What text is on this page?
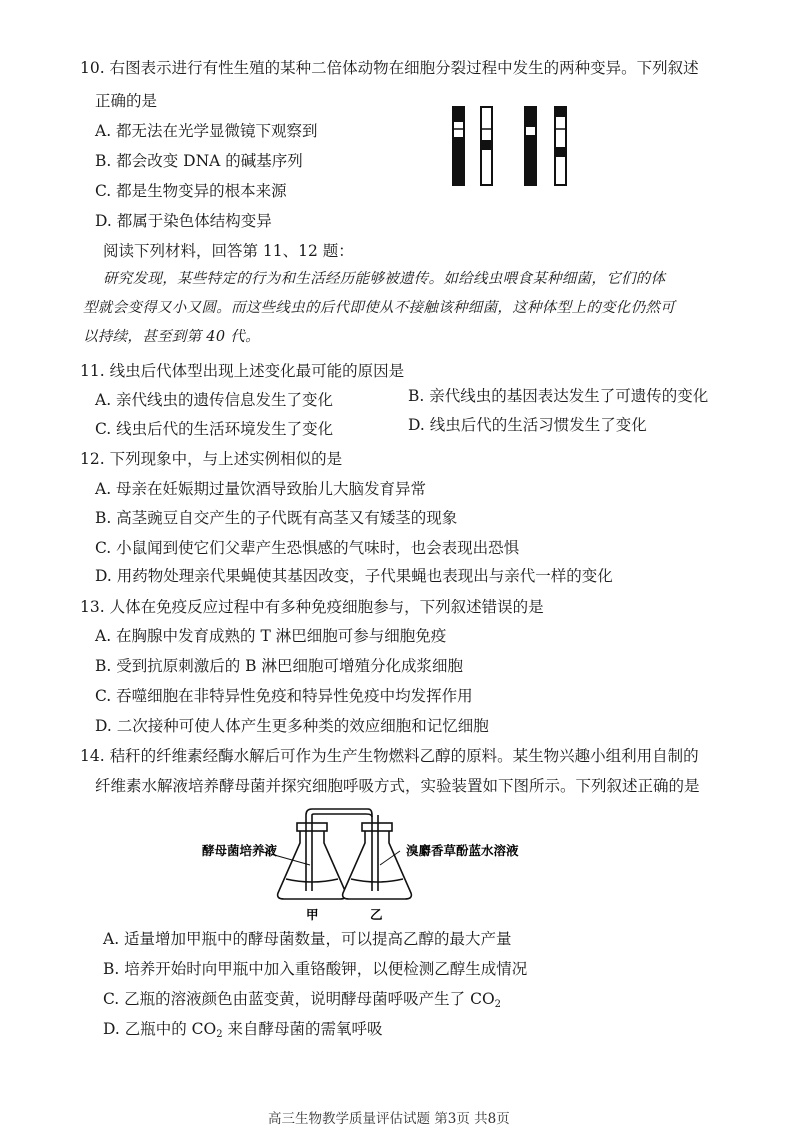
10. 右图表示进行有性生殖的某种二倍体动物在细胞分裂过程中发生的两种变异。下列叙述
正确的是
A. 都无法在光学显微镜下观察到
B. 都会改变 DNA 的碱基序列
C. 都是生物变异的根本来源
D. 都属于染色体结构变异
阅读下列材料，回答第 11、12 题：
研究发现，某些特定的行为和生活经历能够被遗传。如给线虫喂食某种细菌，它们的体
型就会变得又小又圆。而这些线虫的后代即使从不接触该种细菌，这种体型上的变化仍然可
以持续，甚至到第 40 代。
11. 线虫后代体型出现上述变化最可能的原因是
A. 亲代线虫的遗传信息发生了变化	B. 亲代线虫的基因表达发生了可遗传的变化
C. 线虫后代的生活环境发生了变化	D. 线虫后代的生活习惯发生了变化
12. 下列现象中，与上述实例相似的是
A. 母亲在妊娠期过量饮酒导致胎儿大脑发育异常
B. 高茎豌豆自交产生的子代既有高茎又有矮茎的现象
C. 小鼠闻到使它们父辈产生恐惧感的气味时，也会表现出恐惧
D. 用药物处理亲代果蝇使其基因改变，子代果蝇也表现出与亲代一样的变化
13. 人体在免疫反应过程中有多种免疫细胞参与，下列叙述错误的是
A. 在胸腺中发育成熟的 T 淋巴细胞可参与细胞免疫
B. 受到抗原刺激后的 B 淋巴细胞可增殖分化成浆细胞
C. 吞噬细胞在非特异性免疫和特异性免疫中均发挥作用
D. 二次接种可使人体产生更多种类的效应细胞和记忆细胞
14. 秸秆的纤维素经酶水解后可作为生产生物燃料乙醇的原料。某生物兴趣小组利用自制的
纤维素水解液培养酵母菌并探究细胞呼吸方式，实验装置如下图所示。下列叙述正确的是
酵母菌培养液	溴麝香草酚蓝水溶液
甲	乙
A. 适量增加甲瓶中的酵母菌数量，可以提高乙醇的最大产量
B. 培养开始时向甲瓶中加入重铬酸钾，以便检测乙醇生成情况
C. 乙瓶的溶液颜色由蓝变黄，说明酵母菌呼吸产生了 $CO_2$
D. 乙瓶中的 $CO_2$ 来自酵母菌的需氧呼吸
高三生物教学质量评估试题 第3页 共8页
